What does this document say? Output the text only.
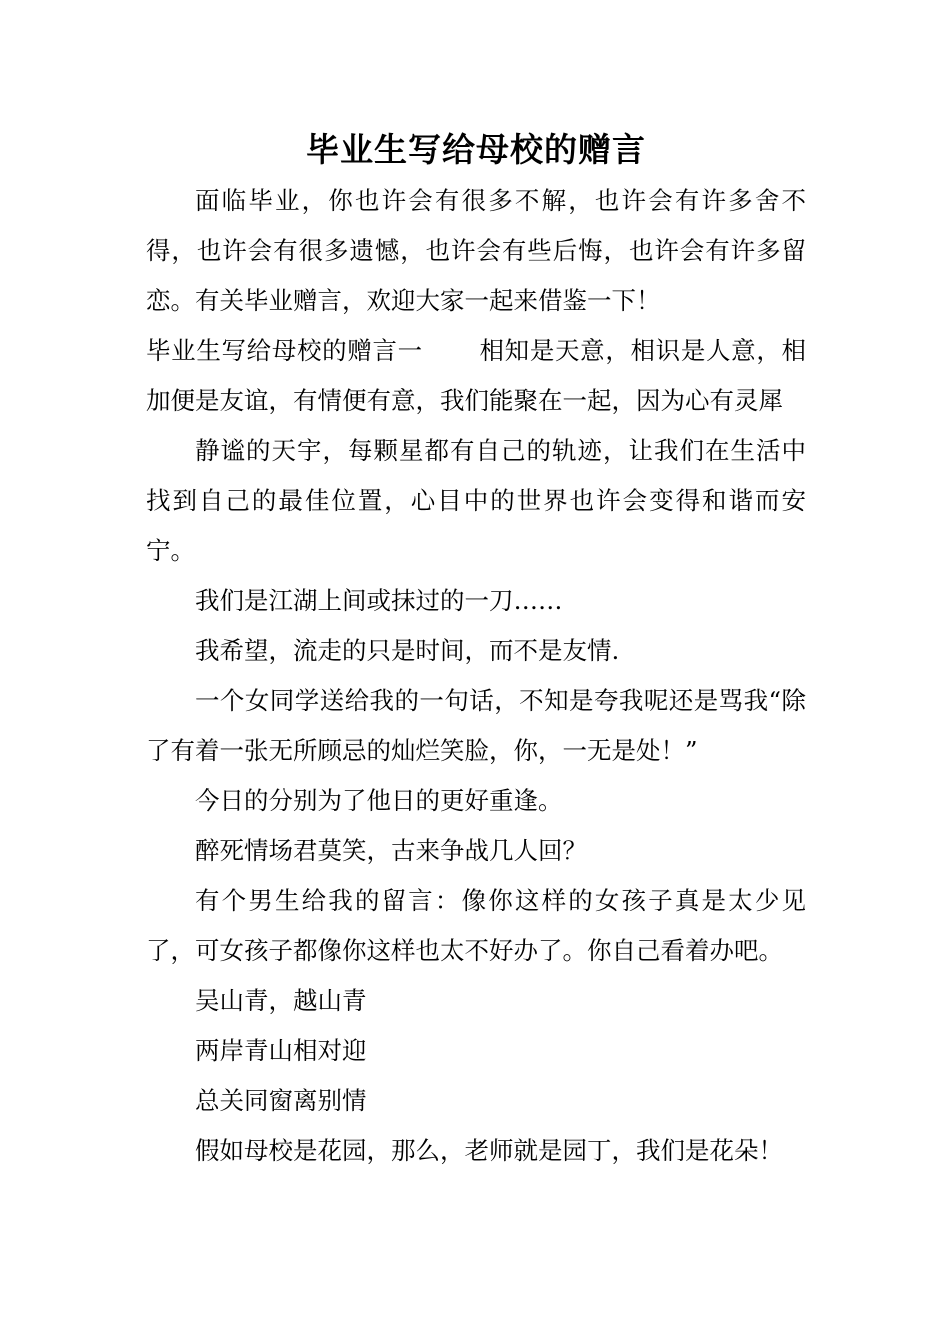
毕业生写给母校的赠言

面临毕业，你也许会有很多不解，也许会有许多舍不得，也许会有很多遗憾，也许会有些后悔，也许会有许多留恋。有关毕业赠言，欢迎大家一起来借鉴一下！

毕业生写给母校的赠言一 相知是天意，相识是人意，相加便是友谊，有情便有意，我们能聚在一起，因为心有灵犀

静谧的天宇，每颗星都有自己的轨迹，让我们在生活中找到自己的最佳位置，心目中的世界也许会变得和谐而安宁。

我们是江湖上间或抹过的一刀……

我希望，流走的只是时间，而不是友情.

一个女同学送给我的一句话，不知是夸我呢还是骂我“除了有着一张无所顾忌的灿烂笑脸，你，一无是处！”

今日的分别为了他日的更好重逢。

醉死情场君莫笑，古来争战几人回？

有个男生给我的留言：像你这样的女孩子真是太少见了，可女孩子都像你这样也太不好办了。你自己看着办吧。

吴山青，越山青

两岸青山相对迎

总关同窗离别情

假如母校是花园，那么，老师就是园丁，我们是花朵！
